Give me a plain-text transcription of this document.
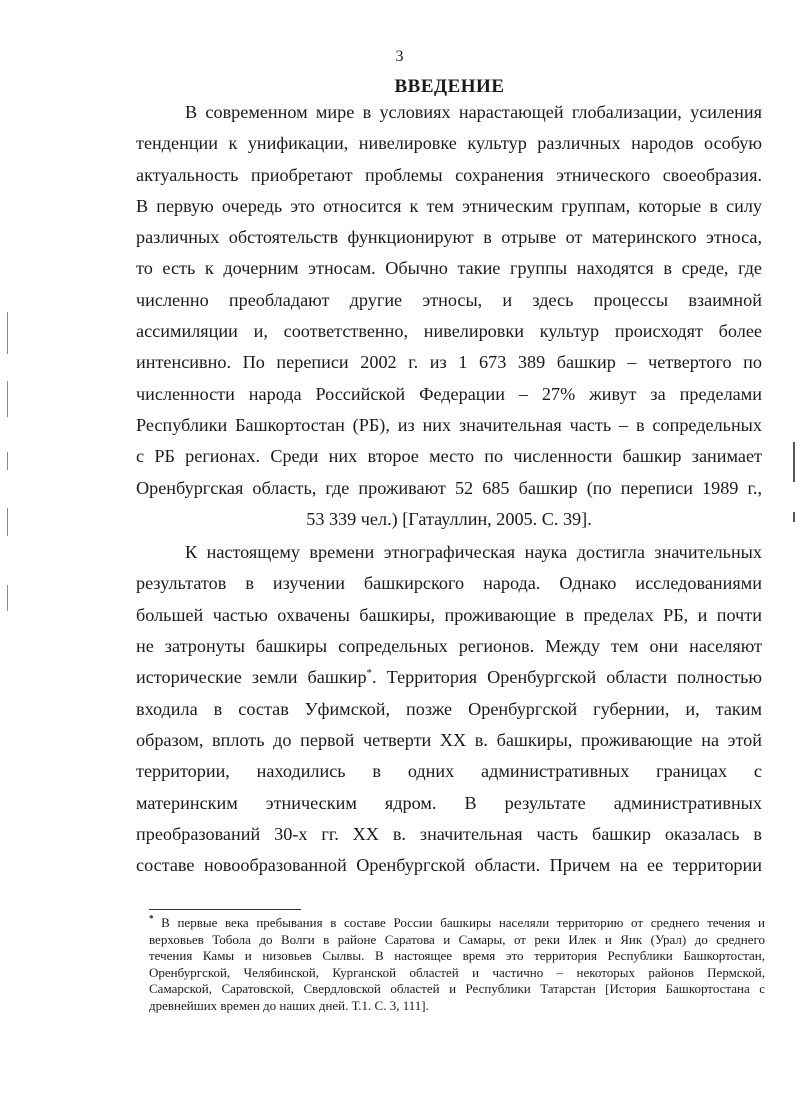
3
ВВЕДЕНИЕ
В современном мире в условиях нарастающей глобализации, усиления
тенденции к унификации, нивелировке культур различных народов особую
актуальность приобретают проблемы сохранения этнического своеобразия.
В первую очередь это относится к тем этническим группам, которые в силу
различных обстоятельств функционируют в отрыве от материнского этноса,
то есть к дочерним этносам. Обычно такие группы находятся в среде, где
численно преобладают другие этносы, и здесь процессы взаимной
ассимиляции и, соответственно, нивелировки культур происходят более
интенсивно. По переписи 2002 г. из 1 673 389 башкир – четвертого по
численности народа Российской Федерации – 27% живут за пределами
Республики Башкортостан (РБ), из них значительная часть – в сопредельных
с РБ регионах. Среди них второе место по численности башкир занимает
Оренбургская область, где проживают 52 685 башкир (по переписи 1989 г.,
53 339 чел.) [Гатауллин, 2005. С. 39].
К настоящему времени этнографическая наука достигла значительных
результатов в изучении башкирского народа. Однако исследованиями
большей частью охвачены башкиры, проживающие в пределах РБ, и почти
не затронуты башкиры сопредельных регионов. Между тем они населяют
исторические земли башкир*. Территория Оренбургской области полностью
входила в состав Уфимской, позже Оренбургской губернии, и, таким
образом, вплоть до первой четверти XX в. башкиры, проживающие на этой
территории, находились в одних административных границах с
материнским этническим ядром. В результате административных
преобразований 30-х гг. XX в. значительная часть башкир оказалась в
составе новообразованной Оренбургской области. Причем на ее территории
* В первые века пребывания в составе России башкиры населяли территорию от среднего течения и
верховьев Тобола до Волги в районе Саратова и Самары, от реки Илек и Яик (Урал) до среднего
течения Камы и низовьев Сылвы. В настоящее время это территория Республики Башкортостан,
Оренбургской, Челябинской, Курганской областей и частично – некоторых районов Пермской,
Самарской, Саратовской, Свердловской областей и Республики Татарстан [История Башкортостана с
древнейших времен до наших дней. Т.1. С. 3, 111].
